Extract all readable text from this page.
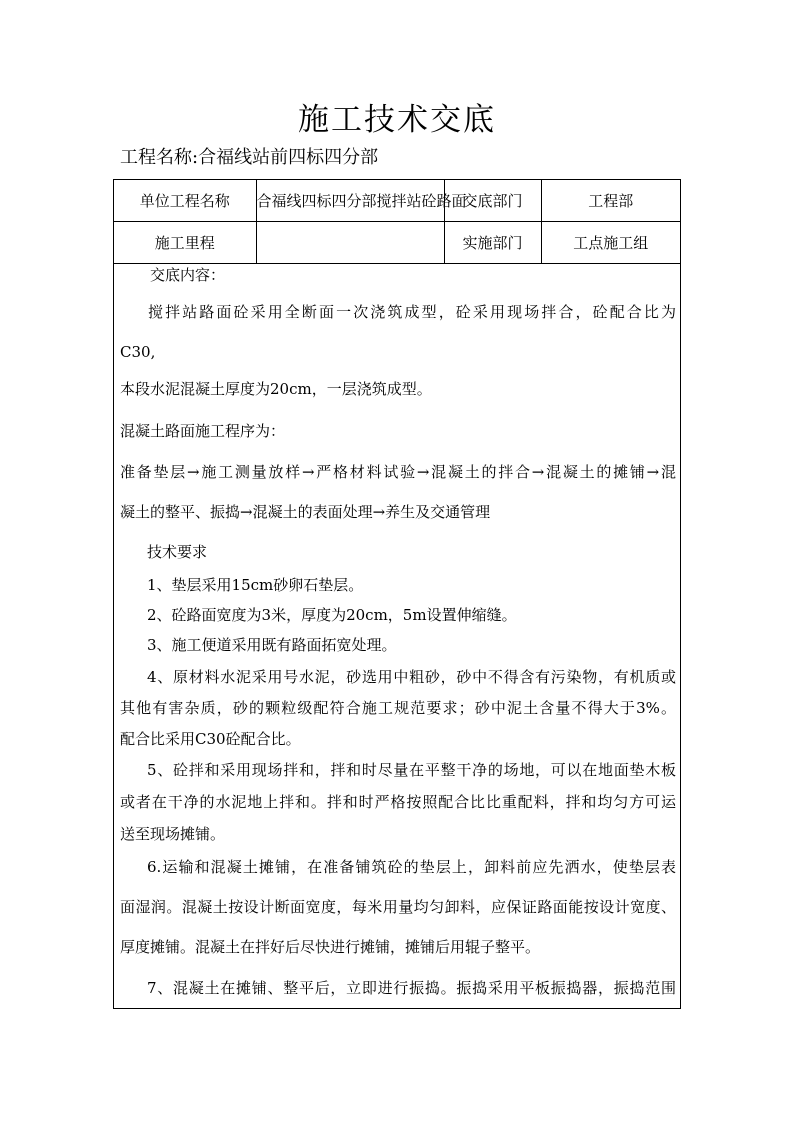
施工技术交底
工程名称:合福线站前四标四分部
单位工程名称	合福线四标四分部搅拌站砼路面	交底部门	工程部
施工里程		实施部门	工点施工组
交底内容：
搅拌站路面砼采用全断面一次浇筑成型，砼采用现场拌合，砼配合比为
C30,
本段水泥混凝土厚度为20cm，一层浇筑成型。
混凝土路面施工程序为：
准备垫层→施工测量放样→严格材料试验→混凝土的拌合→混凝土的摊铺→混
凝土的整平、振捣→混凝土的表面处理→养生及交通管理
技术要求
1、垫层采用15cm砂卵石垫层。
2、砼路面宽度为3米，厚度为20cm，5m设置伸缩缝。
3、施工便道采用既有路面拓宽处理。
4、原材料水泥采用号水泥，砂选用中粗砂，砂中不得含有污染物，有机质或
其他有害杂质，砂的颗粒级配符合施工规范要求；砂中泥土含量不得大于3%。
配合比采用C30砼配合比。
5、砼拌和采用现场拌和，拌和时尽量在平整干净的场地，可以在地面垫木板
或者在干净的水泥地上拌和。拌和时严格按照配合比比重配料，拌和均匀方可运
送至现场摊铺。
6.运输和混凝土摊铺，在准备铺筑砼的垫层上，卸料前应先洒水，使垫层表
面湿润。混凝土按设计断面宽度，每米用量均匀卸料，应保证路面能按设计宽度、
厚度摊铺。混凝土在拌好后尽快进行摊铺，摊铺后用辊子整平。
7、混凝土在摊铺、整平后，立即进行振捣。振捣采用平板振捣器，振捣范围
